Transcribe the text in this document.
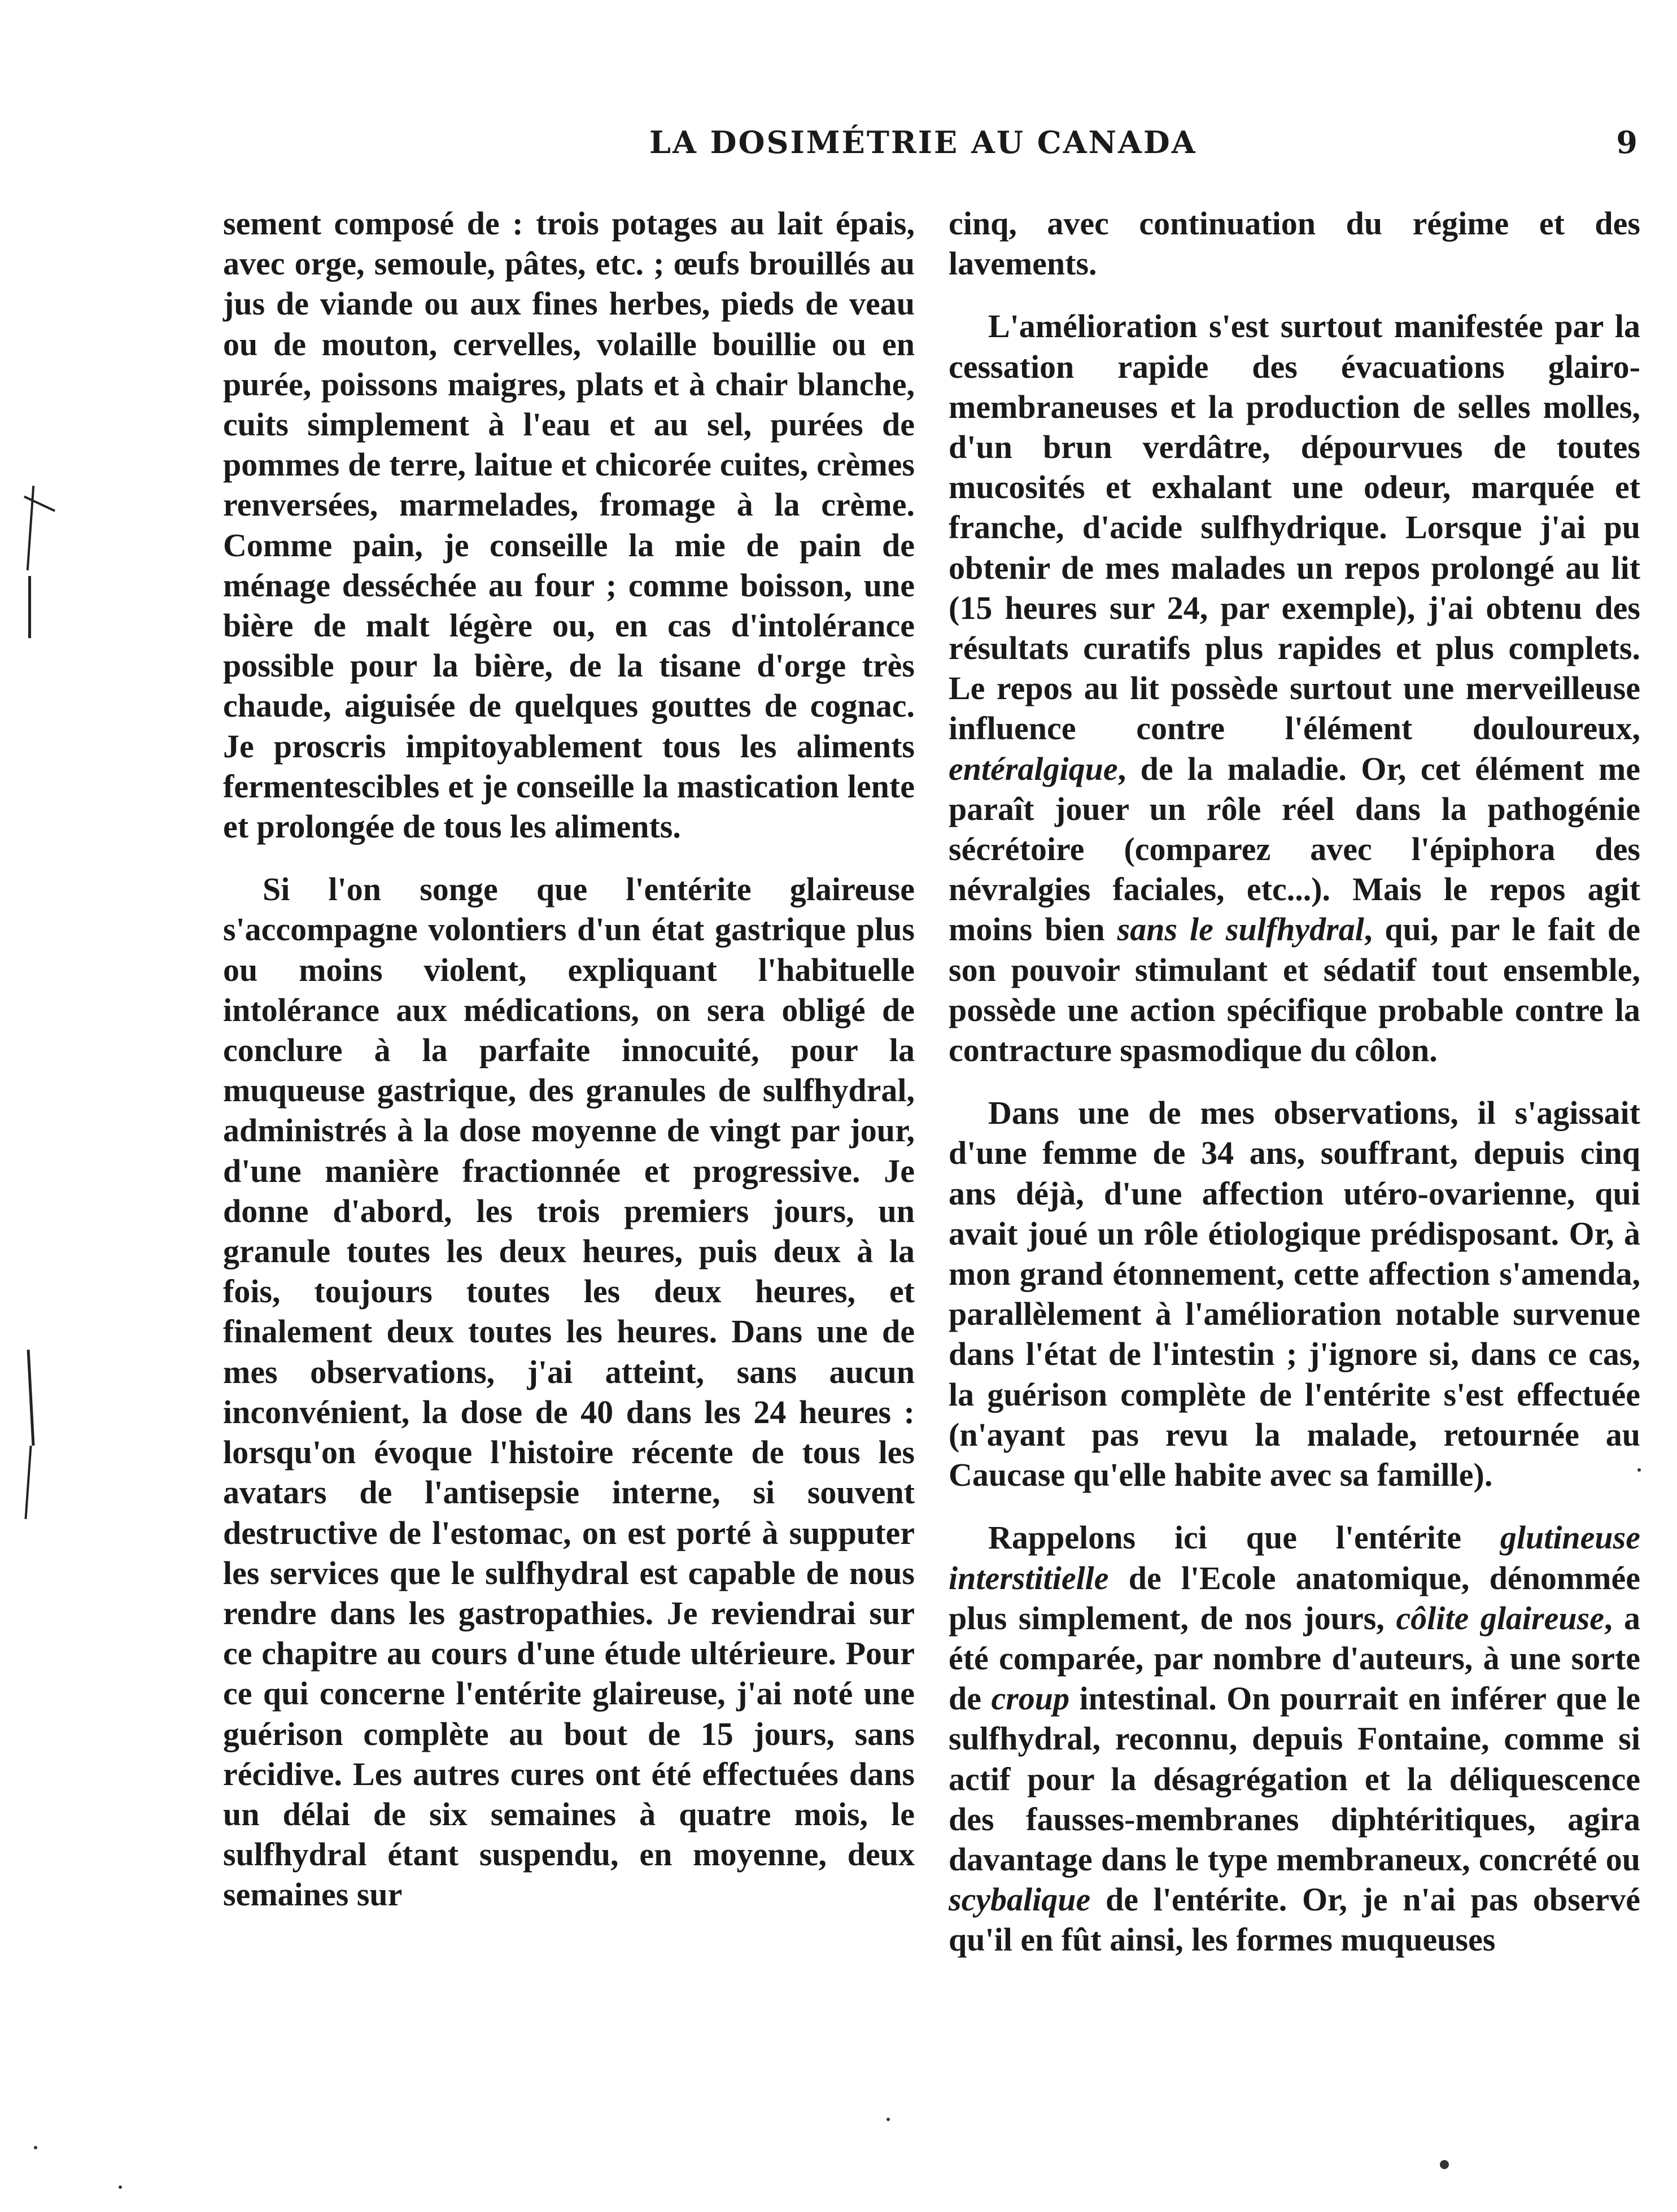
LA DOSIMÉTRIE AU CANADA	9

sement composé de : trois potages au lait épais, avec orge, semoule, pâtes, etc. ; œufs brouillés au jus de viande ou aux fines herbes, pieds de veau ou de mouton, cervelles, volaille bouillie ou en purée, poissons maigres, plats et à chair blanche, cuits simplement à l'eau et au sel, purées de pommes de terre, laitue et chicorée cuites, crèmes renversées, marmelades, fromage à la crème. Comme pain, je conseille la mie de pain de ménage desséchée au four ; comme boisson, une bière de malt légère ou, en cas d'intolérance possible pour la bière, de la tisane d'orge très chaude, aiguisée de quelques gouttes de cognac. Je proscris impitoyablement tous les aliments fermentescibles et je conseille la mastication lente et prolongée de tous les aliments.

Si l'on songe que l'entérite glaireuse s'accompagne volontiers d'un état gastrique plus ou moins violent, expliquant l'habituelle intolérance aux médications, on sera obligé de conclure à la parfaite innocuité, pour la muqueuse gastrique, des granules de sulfhydral, administrés à la dose moyenne de vingt par jour, d'une manière fractionnée et progressive. Je donne d'abord, les trois premiers jours, un granule toutes les deux heures, puis deux à la fois, toujours toutes les deux heures, et finalement deux toutes les heures. Dans une de mes observations, j'ai atteint, sans aucun inconvénient, la dose de 40 dans les 24 heures : lorsqu'on évoque l'histoire récente de tous les avatars de l'antisepsie interne, si souvent destructive de l'estomac, on est porté à supputer les services que le sulfhydral est capable de nous rendre dans les gastropathies. Je reviendrai sur ce chapitre au cours d'une étude ultérieure. Pour ce qui concerne l'entérite glaireuse, j'ai noté une guérison complète au bout de 15 jours, sans récidive. Les autres cures ont été effectuées dans un délai de six semaines à quatre mois, le sulfhydral étant suspendu, en moyenne, deux semaines sur

cinq, avec continuation du régime et des lavements.

L'amélioration s'est surtout manifestée par la cessation rapide des évacuations glairo-membraneuses et la production de selles molles, d'un brun verdâtre, dépourvues de toutes mucosités et exhalant une odeur, marquée et franche, d'acide sulfhydrique. Lorsque j'ai pu obtenir de mes malades un repos prolongé au lit (15 heures sur 24, par exemple), j'ai obtenu des résultats curatifs plus rapides et plus complets. Le repos au lit possède surtout une merveilleuse influence contre l'élément douloureux, entéralgique, de la maladie. Or, cet élément me paraît jouer un rôle réel dans la pathogénie sécrétoire (comparez avec l'épiphora des névralgies faciales, etc...). Mais le repos agit moins bien sans le sulfhydral, qui, par le fait de son pouvoir stimulant et sédatif tout ensemble, possède une action spécifique probable contre la contracture spasmodique du côlon.

Dans une de mes observations, il s'agissait d'une femme de 34 ans, souffrant, depuis cinq ans déjà, d'une affection utéro-ovarienne, qui avait joué un rôle étiologique prédisposant. Or, à mon grand étonnement, cette affection s'amenda, parallèlement à l'amélioration notable survenue dans l'état de l'intestin ; j'ignore si, dans ce cas, la guérison complète de l'entérite s'est effectuée (n'ayant pas revu la malade, retournée au Caucase qu'elle habite avec sa famille).

Rappelons ici que l'entérite glutineuse interstitielle de l'Ecole anatomique, dénommée plus simplement, de nos jours, côlite glaireuse, a été comparée, par nombre d'auteurs, à une sorte de croup intestinal. On pourrait en inférer que le sulfhydral, reconnu, depuis Fontaine, comme si actif pour la désagrégation et la déliquescence des fausses-membranes diphtéritiques, agira davantage dans le type membraneux, concrété ou scybalique de l'entérite. Or, je n'ai pas observé qu'il en fût ainsi, les formes muqueuses
